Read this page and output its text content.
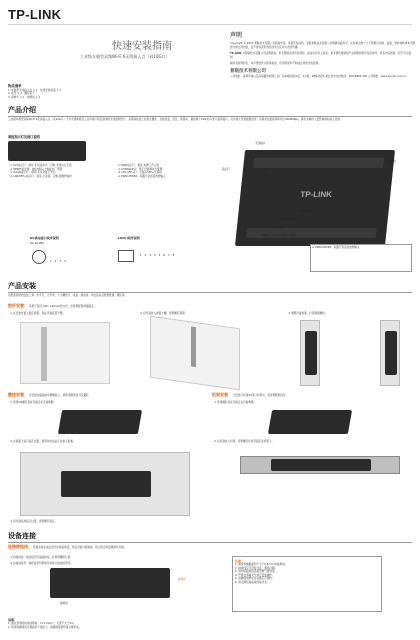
TP-LINK
快速安装指南
工业级车载型双频Wi-Fi 6无线接入点（双10G口）
物品清单
1. 车载型无线接入点 × 1 · 快速安装指南 × 1
2. 挂耳 × 2 · 螺钉若干
3. 保修卡 × 1 · 电源线 × 1
声明
Copyright © 2023 普联技术有限公司版权所有，保留所有权利。未经普联技术有限公司明确书面许可，任何单位或个人不得擅自仿制、复制、誊抄或转译本手册部分或全部内容，且不得以营利为目的进行任何方式的传播。
TP-LINK 为普联技术有限公司注册商标。本手册提及的所有商标，由各自所有人拥有。本手册所提到的产品规格和资讯仅供参考，如有内容更新，恕不另行通知。
除非有特殊约定，本手册仅作为使用指导，所作陈述均不构成任何形式的担保。
普联技术有限公司
公司地址：深圳市南山区深南路科技园工业厂房24栋南段1层、3-5层、28栋北段1-4层 技术支持热线：400-8863-400 公司网址：www.tp-link.com.cn
产品介绍
工业级车载型双频Wi-Fi 6无线接入点（双10G口）专为交通车载及工业环境下稳定高速的无线组网设计，采用高性能工业级元器件，支持宽温、宽压、防震动，提供两个10G电口/光口复用接口，可实现大带宽数据回传；双频并发最高速率可达3000Mbps，满足车厢内大量终端同时接入需求。
面板指示灯及接口说明
① SYS指示灯：常亮-系统启动中；闪烁-系统运行正常
② RESET复位键：按住5秒以上恢复出厂设置
③ WLAN指示灯：常亮-无线功能已开启
④ LAN/SFP+指示灯：常亮-已连接；闪烁-数据传输中
⑤ PWR指示灯：常亮-电源工作正常
⑥ CONSOLE口：用于设备调试与管理
⑦ 10G SFP+口：可插入SFP+光模块
⑧ PWR1/PWR2：双路冗余直流电源输入
TP-LINK
天线接口
指示灯	RESET
CONSOLE口
10G SFP+口
10G LAN口
PWR1 (DC 12-48V) / PWR2
接地柱
⑧ PWR1/PWR2：双路冗余直流电源输入
DC供电接口线序说明
DC 12-48V
1 2 3 4
LAN口线序说明
1 2 3 4 5 6 7 8
产品安装
可配套使用的安装工具：水平尺、记号笔、十字螺丝刀、电钻、网线钳、冲击钻以及配套胀塞、螺钉等。
抱杆安装： 适用于直径为40~120mm的立杆，需使用配套抱箍固定。
① 在安装位置上固定抱箍，保证设备底部平整。	② 将设备挂入抱箍卡槽，使用螺钉锁紧。	③ 调整设备角度，拧紧抱箍螺丝。
壁挂安装： 可安装在墙面或车厢侧板上，需使用配套挂耳及螺钉。	机架安装： 可安装于标准19英寸机架中，需使用配套挂耳。
① 使用M4螺钉将挂耳固定在设备两侧。	① 使用螺钉将挂耳固定在设备两侧。
② 在墙面上标记钻孔位置，使用冲击钻钻孔并装入胀塞。	② 将设备放入机架，使用螺钉将挂耳固定在机架上。
③ 将设备对准钻孔位置，使用螺钉固定。
设备连接
连接接地线： 设备安装完成后需先连接接地线，保证设备可靠接地，防止雷击等因素损坏设备。
① 将接地线一端连接至设备接地柱，并使用螺丝拧紧。
② 将接地线另一端连接至机架或车体等已接地的部件。
接地柱
接地线
注意：
1. 请使用横截面积不小于2.5mm²的接地线。
2. 接地线应尽量短且直，避免打圈。
3. 请勿将接地线连接至燃气管道等。
4. 严禁在雷雨天气进行安装操作。
5. 请确保电源电压在额定范围内。
6. 请定期检查接地连接状态。
说明：
1. 建议使用的接地线规格：3×1.5mm²，长度不大于3m。
2. 使用屏蔽网线可提高抗干扰能力，请根据现场环境合理布线。
